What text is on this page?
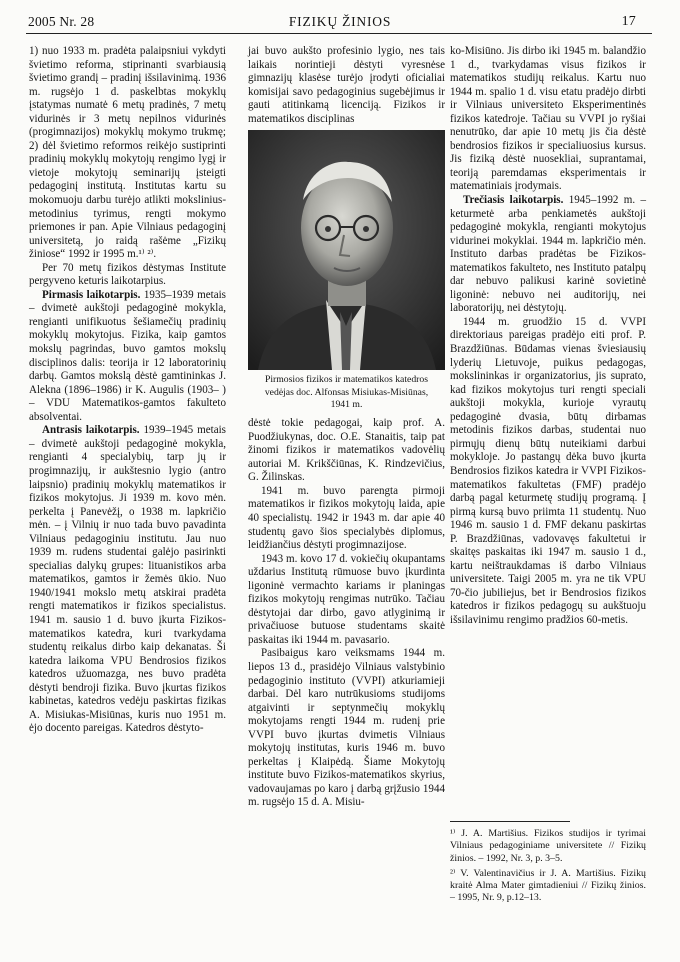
2005 Nr. 28	FIZIKŲ ŽINIOS	17

1) nuo 1933 m. pradėta palaipsniui vykdyti švietimo reforma, stiprinanti svarbiausią švietimo grandį – pradinį išsilavinimą. 1936 m. rugsėjo 1 d. paskelbtas mokyklų įstatymas numatė 6 metų pradinės, 7 metų vidurinės ir 3 metų nepilnos vidurinės (progimnazijos) mokyklų mokymo trukmę; 2) dėl švietimo reformos reikėjo sustiprinti pradinių mokyklų mokytojų rengimo lygį ir vietoje mokytojų seminarijų įsteigti pedagoginį institutą. Institutas kartu su mokomuoju darbu turėjo atlikti mokslinius-metodinius tyrimus, rengti mokymo priemones ir pan. Apie Vilniaus pedagoginį universitetą, jo raidą rašėme „Fizikų žiniose“ 1992 ir 1995 m.¹⁾ ²⁾.

Per 70 metų fizikos dėstymas Institute pergyveno keturis laikotarpius.

Pirmasis laikotarpis. 1935–1939 metais – dvimetė aukštoji pedagoginė mokykla, rengianti unifikuotus šešiamečių pradinių mokyklų mokytojus. Fizika, kaip gamtos mokslų pagrindas, buvo gamtos mokslų disciplinos dalis: teorija ir 12 laboratorinių darbų. Gamtos mokslą dėstė gamtininkas J. Alekna (1896–1986) ir K. Augulis (1903– ) – VDU Matematikos-gamtos fakulteto absolventai.

Antrasis laikotarpis. 1939–1945 metais – dvimetė aukštoji pedagoginė mokykla, rengianti 4 specialybių, tarp jų ir progimnazijų, ir aukštesnio lygio (antro laipsnio) pradinių mokyklų matematikos ir fizikos mokytojus. Ji 1939 m. kovo mėn. perkelta į Panevėžį, o 1938 m. lapkričio mėn. – į Vilnių ir nuo tada buvo pavadinta Vilniaus pedagoginiu institutu. Jau nuo 1939 m. rudens studentai galėjo pasirinkti specialias dalykų grupes: lituanistikos arba matematikos, gamtos ir žemės ūkio. Nuo 1940/1941 mokslo metų atskirai pradėta rengti matematikos ir fizikos specialistus. 1941 m. sausio 1 d. buvo įkurta Fizikos-matematikos katedra, kuri tvarkydama studentų reikalus dirbo kaip dekanatas. Ši katedra laikoma VPU Bendrosios fizikos katedros užuomazga, nes buvo pradėta dėstyti bendroji fizika. Buvo įkurtas fizikos kabinetas, katedros vedėju paskirtas fizikas A. Misiukas-Misiūnas, kuris nuo 1951 m. ėjo docento pareigas. Katedros dėstyto-

jai buvo aukšto profesinio lygio, nes tais laikais norintieji dėstyti vyresnėse gimnazijų klasėse turėjo įrodyti oficialiai komisijai savo pedagoginius sugebėjimus ir gauti atitinkamą licenciją. Fizikos ir matematikos disciplinas

Pirmosios fizikos ir matematikos katedros vedėjas doc. Alfonsas Misiukas-Misiūnas, 1941 m.

dėstė tokie pedagogai, kaip prof. A. Puodžiukynas, doc. O.E. Stanaitis, taip pat žinomi fizikos ir matematikos vadovėlių autoriai M. Krikščiūnas, K. Rindzevičius, G. Žilinskas.

1941 m. buvo parengta pirmoji matematikos ir fizikos mokytojų laida, apie 40 specialistų. 1942 ir 1943 m. dar apie 40 studentų gavo šios specialybės diplomus, leidžiančius dėstyti progimnazijose.

1943 m. kovo 17 d. vokiečių okupantams uždarius Institutą rūmuose buvo įkurdinta ligoninė vermachto kariams ir planingas fizikos mokytojų rengimas nutrūko. Tačiau dėstytojai dar dirbo, gavo atlyginimą ir privačiuose butuose studentams skaitė paskaitas iki 1944 m. pavasario.

Pasibaigus karo veiksmams 1944 m. liepos 13 d., prasidėjo Vilniaus valstybinio pedagoginio instituto (VVPI) atkuriamieji darbai. Dėl karo nutrūkusioms studijoms atgaivinti ir septynmečių mokyklų mokytojams rengti 1944 m. rudenį prie VVPI buvo įkurtas dvimetis Vilniaus mokytojų institutas, kuris 1946 m. buvo perkeltas į Klaipėdą. Šiame Mokytojų institute buvo Fizikos-matematikos skyrius, vadovaujamas po karo į darbą grįžusio 1944 m. rugsėjo 15 d. A. Misiu-

ko-Misiūno. Jis dirbo iki 1945 m. balandžio 1 d., tvarkydamas visus fizikos ir matematikos studijų reikalus. Kartu nuo 1944 m. spalio 1 d. visu etatu pradėjo dirbti ir Vilniaus universiteto Eksperimentinės fizikos katedroje. Tačiau su VVPI jo ryšiai nenutrūko, dar apie 10 metų jis čia dėstė bendrosios fizikos ir specialiuosius kursus. Jis fiziką dėstė nuosekliai, suprantamai, teoriją paremdamas eksperimentais ir matematiniais įrodymais.

Trečiasis laikotarpis. 1945–1992 m. – keturmetė arba penkiametės aukštoji pedagoginė mokykla, rengianti mokytojus vidurinei mokyklai. 1944 m. lapkričio mėn. Instituto darbas pradėtas be Fizikos-matematikos fakulteto, nes Instituto patalpų dar nebuvo palikusi karinė sovietinė ligoninė: nebuvo nei auditorijų, nei laboratorijų, nei dėstytojų.

1944 m. gruodžio 15 d. VVPI direktoriaus pareigas pradėjo eiti prof. P. Brazdžiūnas. Būdamas vienas šviesiausių lyderių Lietuvoje, puikus pedagogas, mokslininkas ir organizatorius, jis suprato, kad fizikos mokytojus turi rengti speciali aukštoji mokykla, kurioje vyrautų pedagoginė dvasia, būtų dirbamas metodinis fizikos darbas, studentai nuo pirmųjų dienų būtų nuteikiami darbui mokykloje. Jo pastangų dėka buvo įkurta Bendrosios fizikos katedra ir VVPI Fizikos-matematikos fakultetas (FMF) pradėjo darbą pagal keturmetę studijų programą. Į pirmą kursą buvo priimta 11 studentų. Nuo 1946 m. sausio 1 d. FMF dekanu paskirtas P. Brazdžiūnas, vadovavęs fakultetui ir skaitęs paskaitas iki 1947 m. sausio 1 d., kartu neištraukdamas iš darbo Vilniaus universitete. Taigi 2005 m. yra ne tik VPU 70-čio jubiliejus, bet ir Bendrosios fizikos katedros ir fizikos pedagogų su aukštuoju išsilavinimu rengimo pradžios 60-metis.

¹⁾ J. A. Martišius. Fizikos studijos ir tyrimai Vilniaus pedagoginiame universitete // Fizikų žinios. – 1992, Nr. 3, p. 3–5.

²⁾ V. Valentinavičius ir J. A. Martišius. Fizikų kraitė Alma Mater gimtadieniui // Fizikų žinios. – 1995, Nr. 9, p.12–13.
